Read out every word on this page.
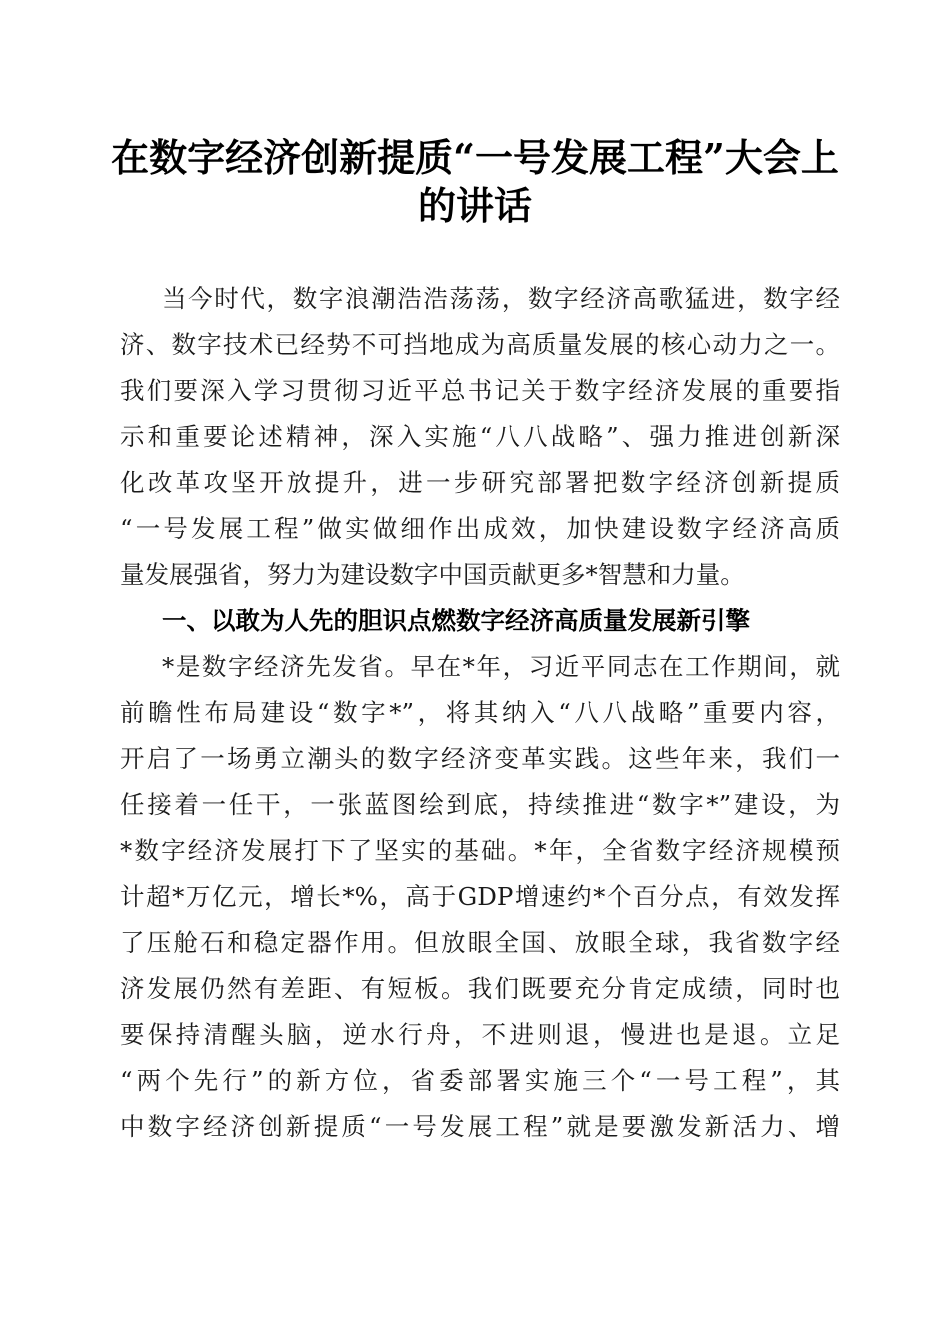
在数字经济创新提质“一号发展工程”大会上
的讲话
当今时代，数字浪潮浩浩荡荡，数字经济高歌猛进，数字经
济、数字技术已经势不可挡地成为高质量发展的核心动力之一。
我们要深入学习贯彻习近平总书记关于数字经济发展的重要指
示和重要论述精神，深入实施“八八战略”、强力推进创新深
化改革攻坚开放提升，进一步研究部署把数字经济创新提质
“一号发展工程”做实做细作出成效，加快建设数字经济高质
量发展强省，努力为建设数字中国贡献更多*智慧和力量。
一、以敢为人先的胆识点燃数字经济高质量发展新引擎
*是数字经济先发省。早在*年，习近平同志在工作期间，就
前瞻性布局建设“数字*”，将其纳入“八八战略”重要内容，
开启了一场勇立潮头的数字经济变革实践。这些年来，我们一
任接着一任干，一张蓝图绘到底，持续推进“数字*”建设，为
*数字经济发展打下了坚实的基础。*年，全省数字经济规模预
计超*万亿元，增长*%，高于GDP增速约*个百分点，有效发挥
了压舱石和稳定器作用。但放眼全国、放眼全球，我省数字经
济发展仍然有差距、有短板。我们既要充分肯定成绩，同时也
要保持清醒头脑，逆水行舟，不进则退，慢进也是退。立足
“两个先行”的新方位，省委部署实施三个“一号工程”，其
中数字经济创新提质“一号发展工程”就是要激发新活力、增
